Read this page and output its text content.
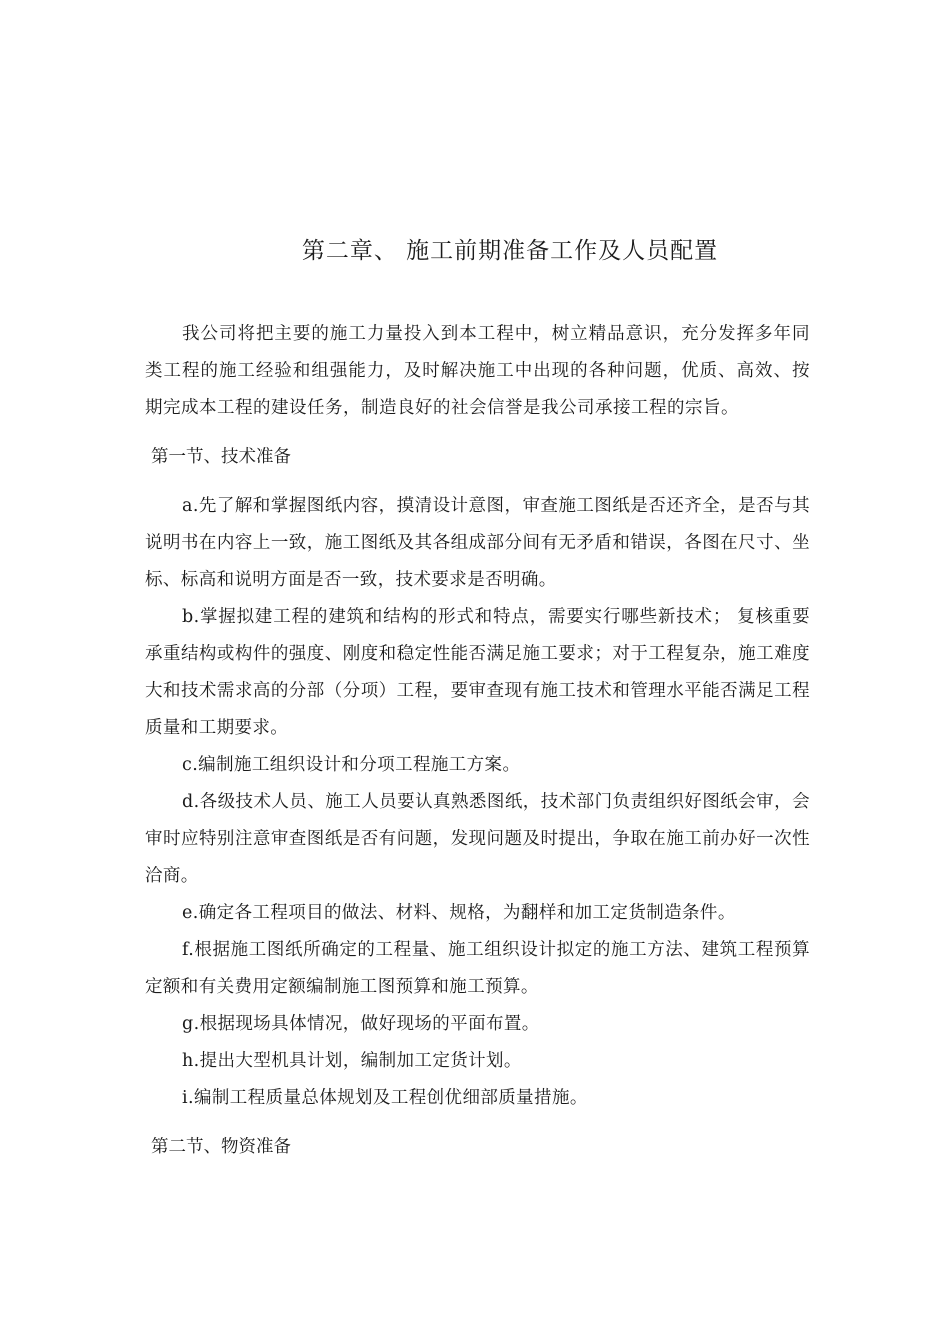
第二章、 施工前期准备工作及人员配置

我公司将把主要的施工力量投入到本工程中，树立精品意识，充分发挥多年同类工程的施工经验和组强能力，及时解决施工中出现的各种问题，优质、高效、按期完成本工程的建设任务，制造良好的社会信誉是我公司承接工程的宗旨。

第一节、技术准备

a.先了解和掌握图纸内容，摸清设计意图，审查施工图纸是否还齐全，是否与其说明书在内容上一致，施工图纸及其各组成部分间有无矛盾和错误，各图在尺寸、坐标、标高和说明方面是否一致，技术要求是否明确。

b.掌握拟建工程的建筑和结构的形式和特点，需要实行哪些新技术； 复核重要承重结构或构件的强度、刚度和稳定性能否满足施工要求；对于工程复杂，施工难度大和技术需求高的分部（分项）工程，要审查现有施工技术和管理水平能否满足工程质量和工期要求。

c.编制施工组织设计和分项工程施工方案。

d.各级技术人员、施工人员要认真熟悉图纸，技术部门负责组织好图纸会审，会审时应特别注意审查图纸是否有问题，发现问题及时提出，争取在施工前办好一次性洽商。

e.确定各工程项目的做法、材料、规格，为翻样和加工定货制造条件。

f.根据施工图纸所确定的工程量、施工组织设计拟定的施工方法、建筑工程预算定额和有关费用定额编制施工图预算和施工预算。

g.根据现场具体情况，做好现场的平面布置。

h.提出大型机具计划，编制加工定货计划。

i.编制工程质量总体规划及工程创优细部质量措施。

第二节、物资准备
